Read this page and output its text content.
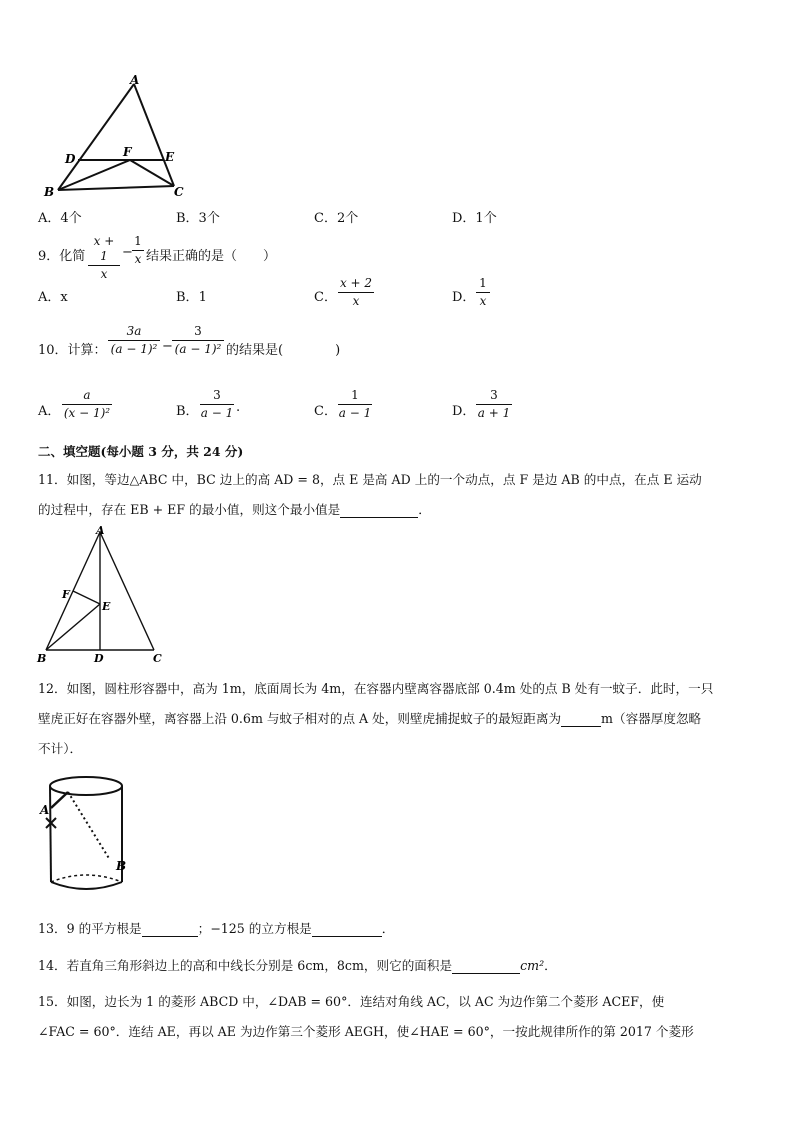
A
D	F	E
B	C
A．4个	B．3个	C．2个	D．1个
9．化简
x + 1
x
−
1
x 结果正确的是（　　）
A．x	B．1	C．
x + 2
x	D．
1
x
10．计算：
3a
(a − 1)² −
3
(a − 1)² 的结果是(　　　　)
A．
a
(x − 1)²	B．
3
a − 1 .	C．
1
a − 1	D．
3
a + 1
二、填空题(每小题 3 分，共 24 分)
11．如图，等边△ABC 中，BC 边上的高 AD = 8，点 E 是高 AD 上的一个动点，点 F 是边 AB 的中点，在点 E 运动
的过程中，存在 EB + EF 的最小值，则这个最小值是	．
A
F
E
B	D	C
12．如图，圆柱形容器中，高为 1m，底面周长为 4m，在容器内壁离容器底部 0.4m 处的点 B 处有一蚊子．此时，一只
壁虎正好在容器外壁，离容器上沿 0.6m 与蚊子相对的点 A 处，则壁虎捕捉蚊子的最短距离为	m（容器厚度忽略
不计）．
A
B
13．9 的平方根是	；−125 的立方根是	．
14．若直角三角形斜边上的高和中线长分别是 6cm，8cm，则它的面积是	cm²．
15．如图，边长为 1 的菱形 ABCD 中，∠DAB = 60°．连结对角线 AC，以 AC 为边作第二个菱形 ACEF，使
∠FAC = 60°．连结 AE，再以 AE 为边作第三个菱形 AEGH，使∠HAE = 60°，一按此规律所作的第 2017 个菱形
